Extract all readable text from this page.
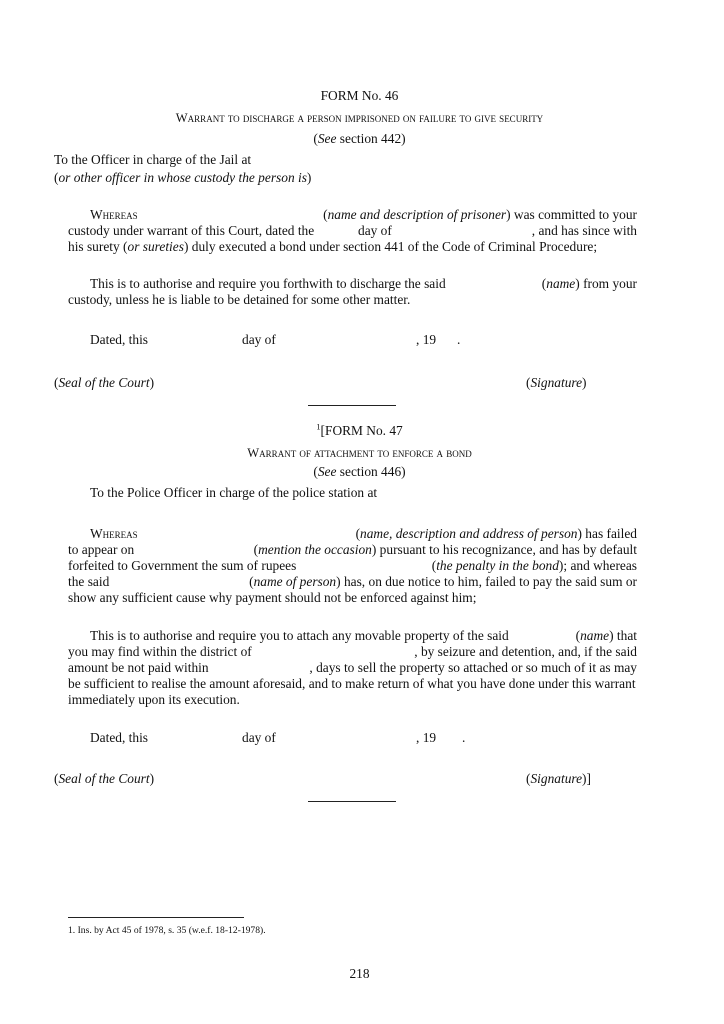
FORM No. 46
Warrant to discharge a person imprisoned on failure to give security
(See section 442)
To the Officer in charge of the Jail at
(or other officer in whose custody the person is)
Whereas	(name and description of prisoner) was committed to your
custody under warrant of this Court, dated the	day of	, and has since with
his surety (or sureties) duly executed a bond under section 441 of the Code of Criminal Procedure;
This is to authorise and require you forthwith to discharge the said	(name) from your
custody, unless he is liable to be detained for some other matter.
Dated, this	day of	, 19 .
(Seal of the Court)	(Signature)
$^1$[FORM No. 47
Warrant of attachment to enforce a bond
(See section 446)
To the Police Officer in charge of the police station at
Whereas	(name, description and address of person) has failed
to appear on	(mention the occasion) pursuant to his recognizance, and has by default
forfeited to Government the sum of rupees	(the penalty in the bond); and whereas
the said	(name of person) has, on due notice to him, failed to pay the said sum or
show any sufficient cause why payment should not be enforced against him;
This is to authorise and require you to attach any movable property of the said	(name) that
you may find within the district of	, by seizure and detention, and, if the said
amount be not paid within	, days to sell the property so attached or so much of it as may
be sufficient to realise the amount aforesaid, and to make return of what you have done under this warrant
immediately upon its execution.
Dated, this	day of	, 19 .
(Seal of the Court)	(Signature)]
1. Ins. by Act 45 of 1978, s. 35 (w.e.f. 18-12-1978).
218
